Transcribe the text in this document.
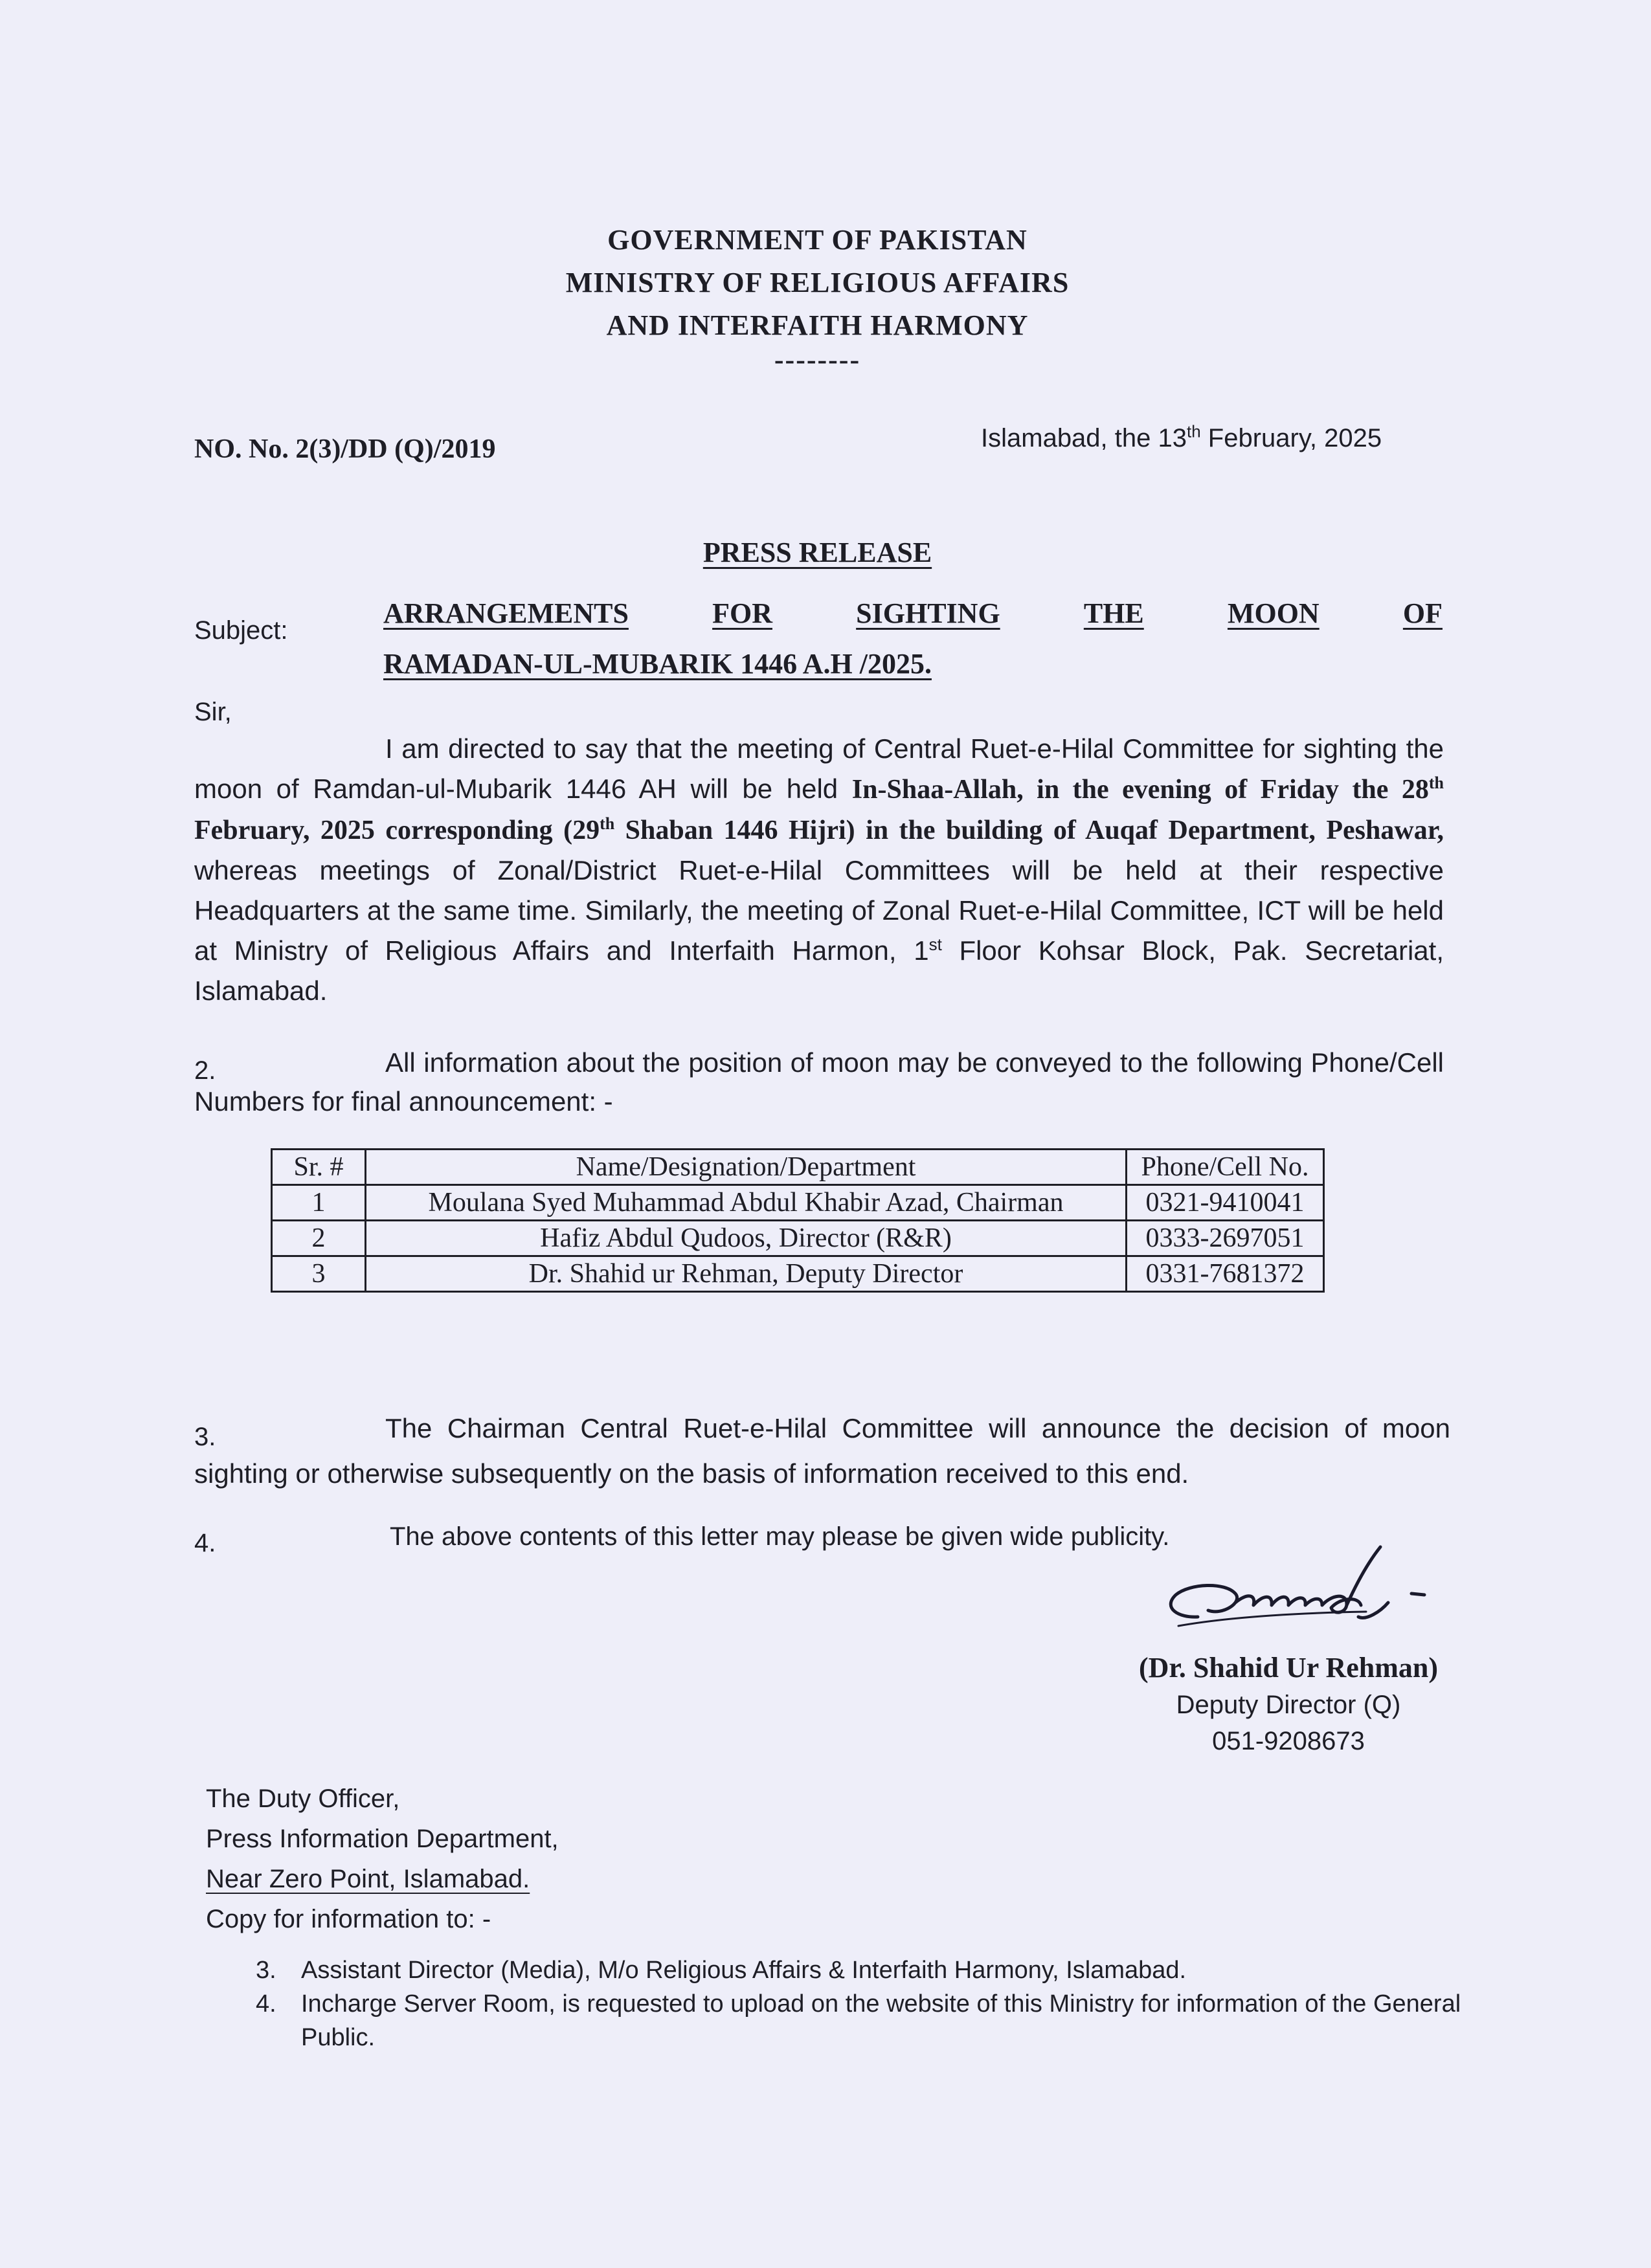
GOVERNMENT OF PAKISTAN
MINISTRY OF RELIGIOUS AFFAIRS
AND INTERFAITH HARMONY
--------
NO. No. 2(3)/DD (Q)/2019	Islamabad, the 13th February, 2025
PRESS RELEASE
Subject:
ARRANGEMENTS	FOR	SIGHTING	THE	MOON	OF
RAMADAN-UL-MUBARIK 1446 A.H /2025.
Sir,
I am directed to say that the meeting of Central Ruet-e-Hilal Committee for sighting the moon of Ramdan-ul-Mubarik 1446 AH will be held In-Shaa-Allah, in the evening of Friday the 28th February, 2025 corresponding (29th Shaban 1446 Hijri) in the building of Auqaf Department, Peshawar, whereas meetings of Zonal/District Ruet-e-Hilal Committees will be held at their respective Headquarters at the same time. Similarly, the meeting of Zonal Ruet-e-Hilal Committee, ICT will be held at Ministry of Religious Affairs and Interfaith Harmon, 1st Floor Kohsar Block, Pak. Secretariat, Islamabad.
2.	All information about the position of moon may be conveyed to the following Phone/Cell Numbers for final announcement: -
Sr. #	Name/Designation/Department	Phone/Cell No.
1	Moulana Syed Muhammad Abdul Khabir Azad, Chairman	0321-9410041
2	Hafiz Abdul Qudoos, Director (R&R)	0333-2697051
3	Dr. Shahid ur Rehman, Deputy Director	0331-7681372
3.	The Chairman Central Ruet-e-Hilal Committee will announce the decision of moon sighting or otherwise subsequently on the basis of information received to this end.
4.	The above contents of this letter may please be given wide publicity.
(Dr. Shahid Ur Rehman)
Deputy Director (Q)
051-9208673
The Duty Officer,
Press Information Department,
Near Zero Point, Islamabad.
Copy for information to: -
3. Assistant Director (Media), M/o Religious Affairs & Interfaith Harmony, Islamabad.
4.	Incharge Server Room, is requested to upload on the website of this Ministry for information of the General Public.
